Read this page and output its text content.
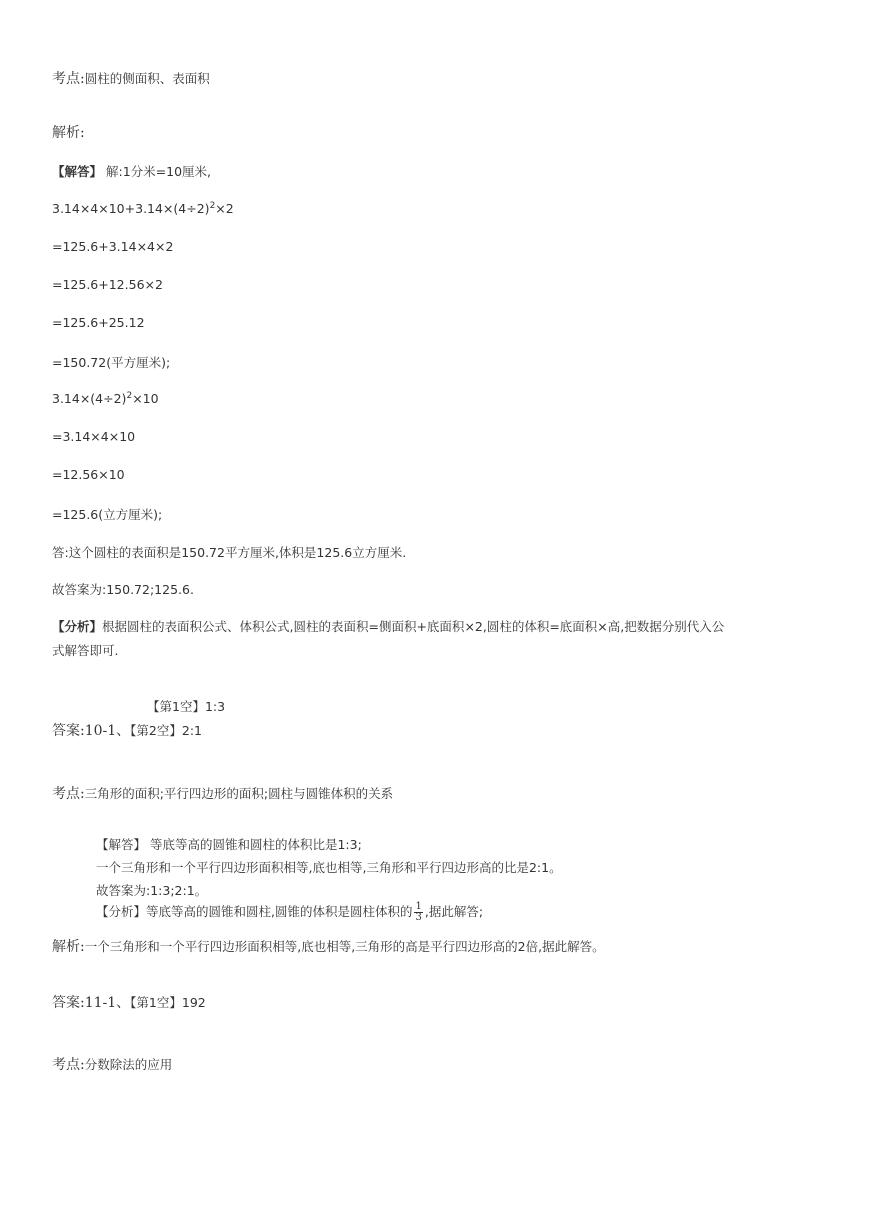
考点:圆柱的侧面积、表面积
解析:
【解答】 解:1分米=10厘米,
$3.14\times 4\times 10+3.14\times(4\div 2)^2\times 2$
=125.6+3.14×4×2
=125.6+12.56×2
=125.6+25.12
=150.72(平方厘米);
$3.14\times(4\div 2)^2\times 10$
=3.14×4×10
=12.56×10
=125.6(立方厘米);
答:这个圆柱的表面积是150.72平方厘米,体积是125.6立方厘米.
故答案为:150.72;125.6.
【分析】根据圆柱的表面积公式、体积公式,圆柱的表面积=侧面积+底面积×2,圆柱的体积=底面积×高,把数据分别代入公
式解答即可.
【第1空】1:3
答案:10-1、【第2空】2:1
考点:三角形的面积;平行四边形的面积;圆柱与圆锥体积的关系
【解答】 等底等高的圆锥和圆柱的体积比是1:3;
一个三角形和一个平行四边形面积相等,底也相等,三角形和平行四边形高的比是2:1。
故答案为:1:3;2:1。
【分析】等底等高的圆锥和圆柱,圆锥的体积是圆柱体积的 $\frac{1}{3}$ ,据此解答;
解析:一个三角形和一个平行四边形面积相等,底也相等,三角形的高是平行四边形高的2倍,据此解答。
答案:11-1、【第1空】192
考点:分数除法的应用
